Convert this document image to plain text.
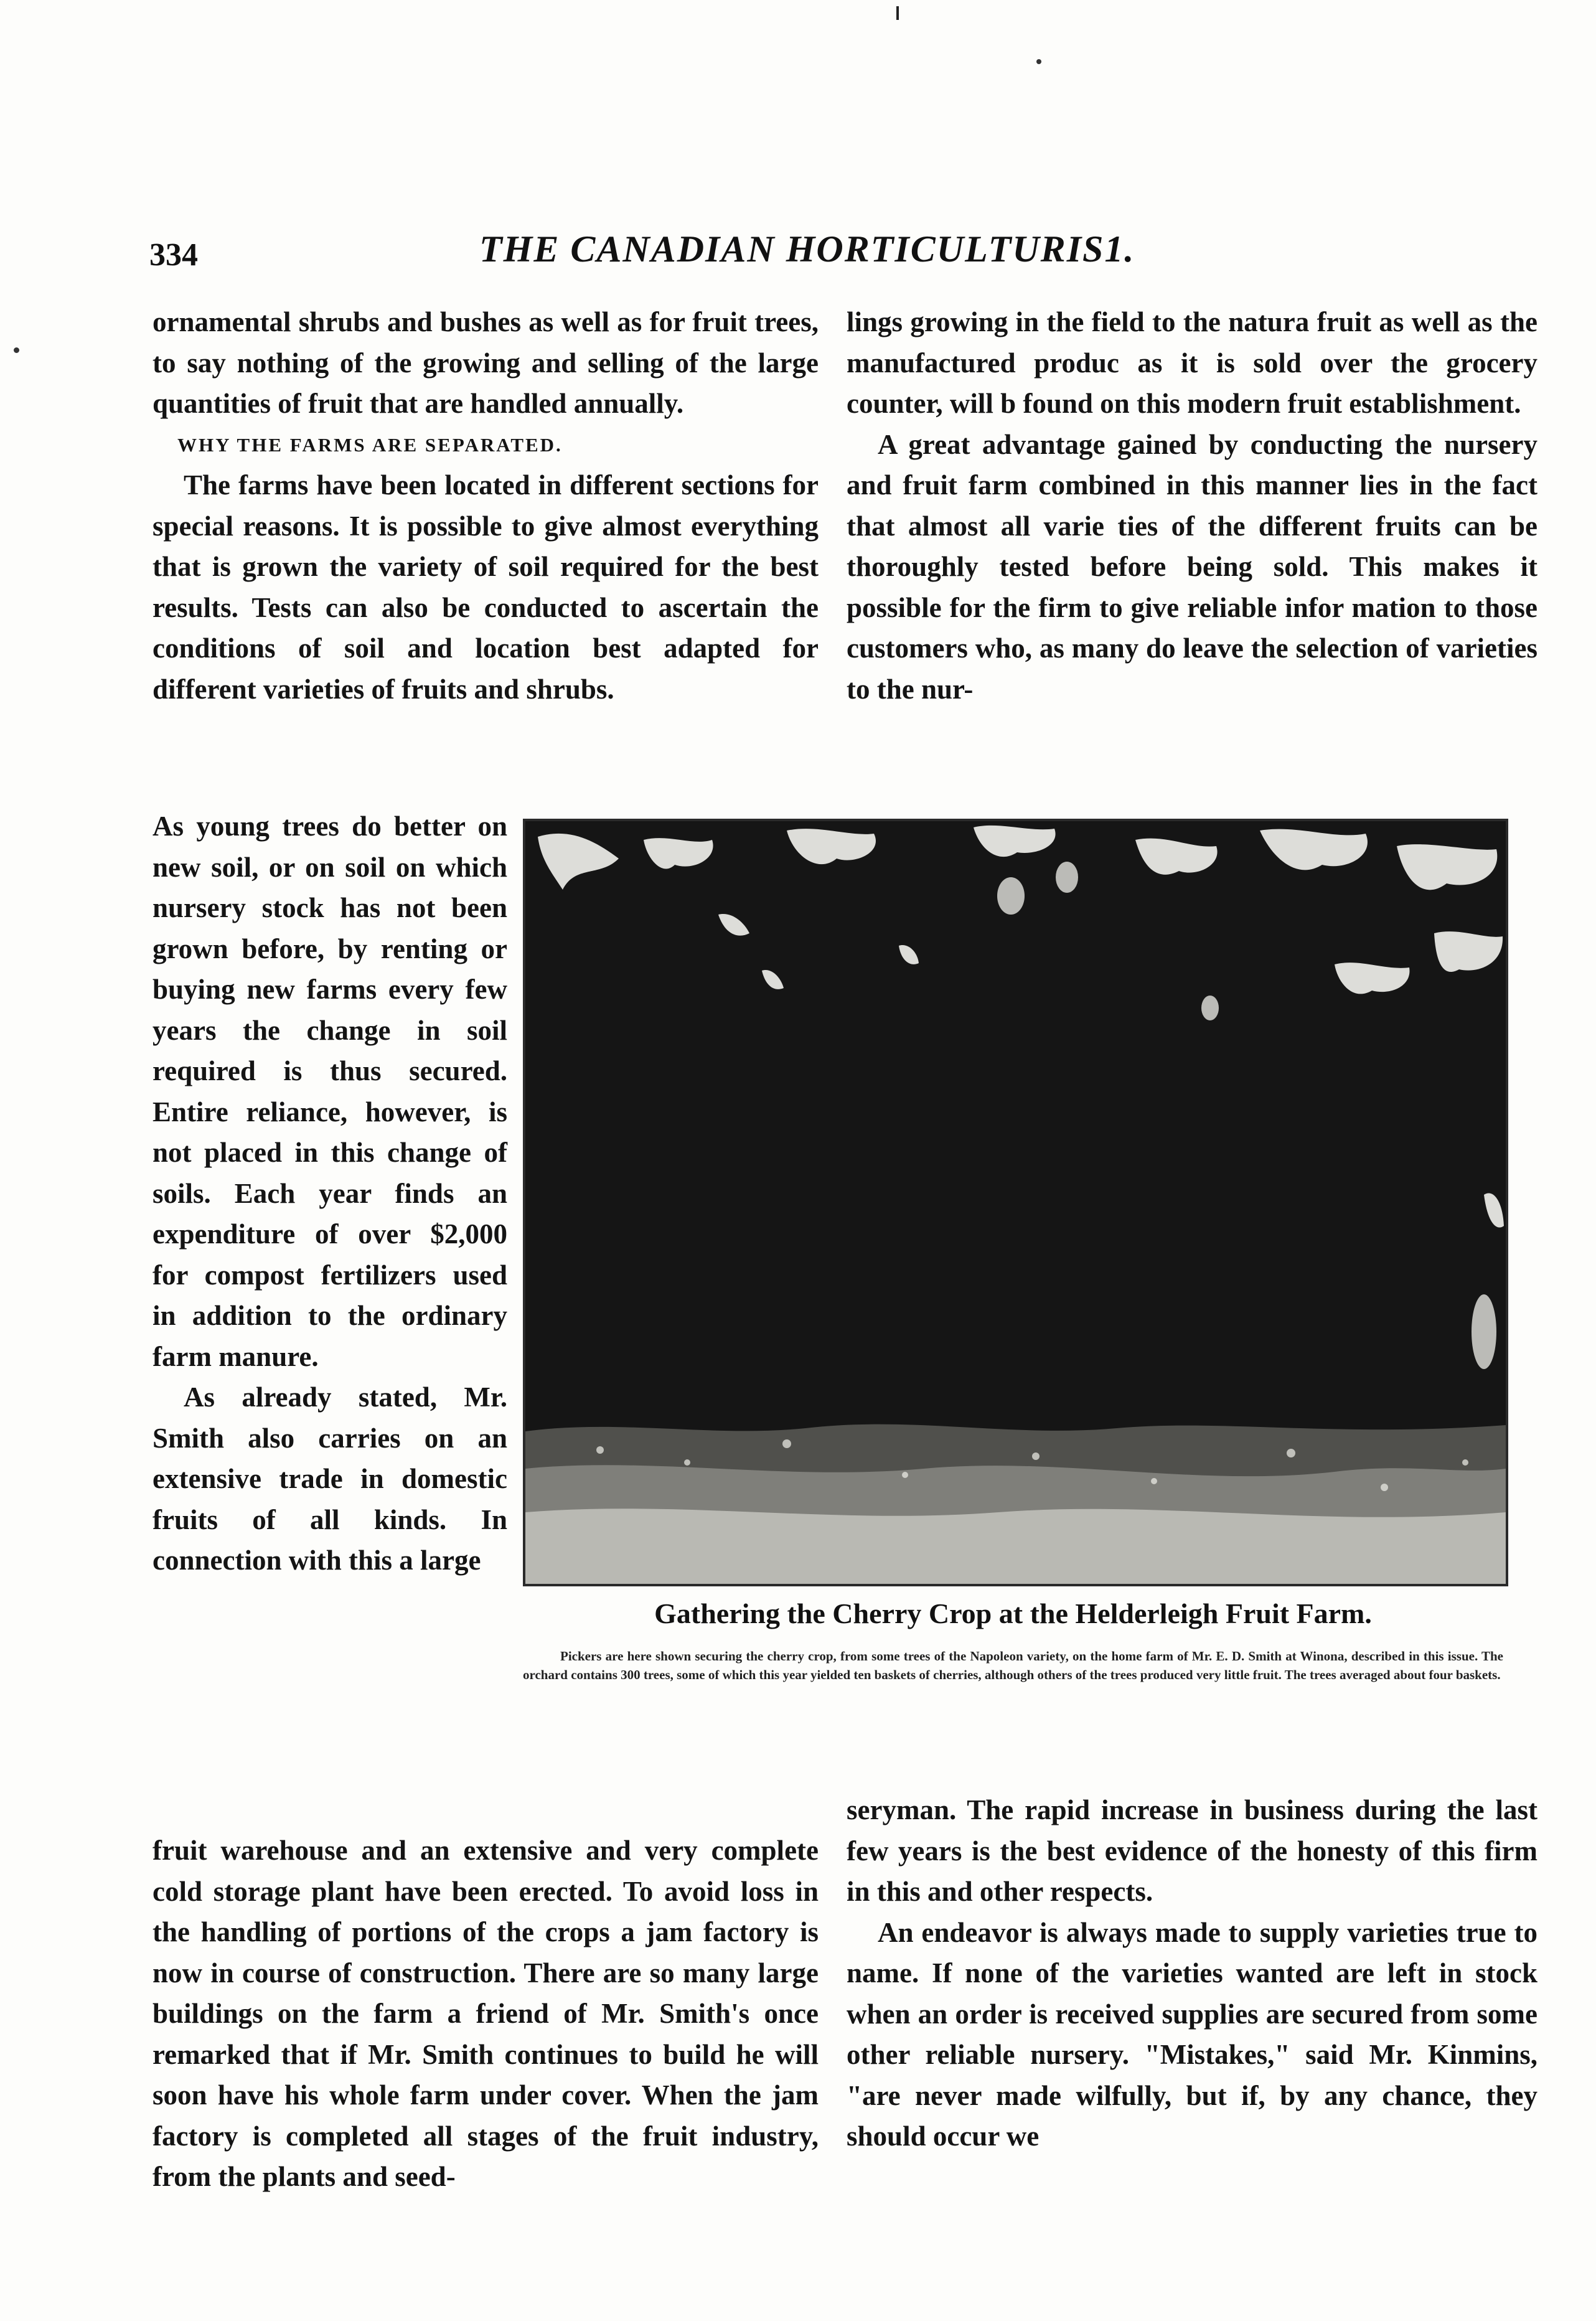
334	THE CANADIAN HORTICULTURIS1.

ornamental shrubs and bushes as well as for fruit trees, to say nothing of the growing and selling of the large quantities of fruit that are handled annually.

WHY THE FARMS ARE SEPARATED.

The farms have been located in different sections for special reasons. It is possible to give almost everything that is grown the variety of soil required for the best results. Tests can also be conducted to ascertain the conditions of soil and location best adapted for different varieties of fruits and shrubs.

lings growing in the field to the natura fruit as well as the manufactured produc as it is sold over the grocery counter, will b found on this modern fruit establishment.

A great advantage gained by conducting the nursery and fruit farm combined in this manner lies in the fact that almost all varie ties of the different fruits can be thoroughly tested before being sold. This makes it possible for the firm to give reliable infor mation to those customers who, as many do leave the selection of varieties to the nur-

As young trees do better on new soil, or on soil on which nursery stock has not been grown before, by renting or buying new farms every few years the change in soil required is thus secured. Entire reliance, however, is not placed in this change of soils. Each year finds an expenditure of over $2,000 for compost fertilizers used in addition to the ordinary farm manure.

As already stated, Mr. Smith also carries on an extensive trade in domestic fruits of all kinds. In connection with this a large

Gathering the Cherry Crop at the Helderleigh Fruit Farm.
Pickers are here shown securing the cherry crop, from some trees of the Napoleon variety, on the home farm of Mr. E. D. Smith at Winona, described in this issue. The orchard contains 300 trees, some of which this year yielded ten baskets of cherries, although others of the trees produced very little fruit. The trees averaged about four baskets.

fruit warehouse and an extensive and very complete cold storage plant have been erected. To avoid loss in the handling of portions of the crops a jam factory is now in course of construction. There are so many large buildings on the farm a friend of Mr. Smith's once remarked that if Mr. Smith continues to build he will soon have his whole farm under cover. When the jam factory is completed all stages of the fruit industry, from the plants and seed-

seryman. The rapid increase in business during the last few years is the best evidence of the honesty of this firm in this and other respects.

An endeavor is always made to supply varieties true to name. If none of the varieties wanted are left in stock when an order is received supplies are secured from some other reliable nursery. "Mistakes," said Mr. Kinmins, "are never made wilfully, but if, by any chance, they should occur we
